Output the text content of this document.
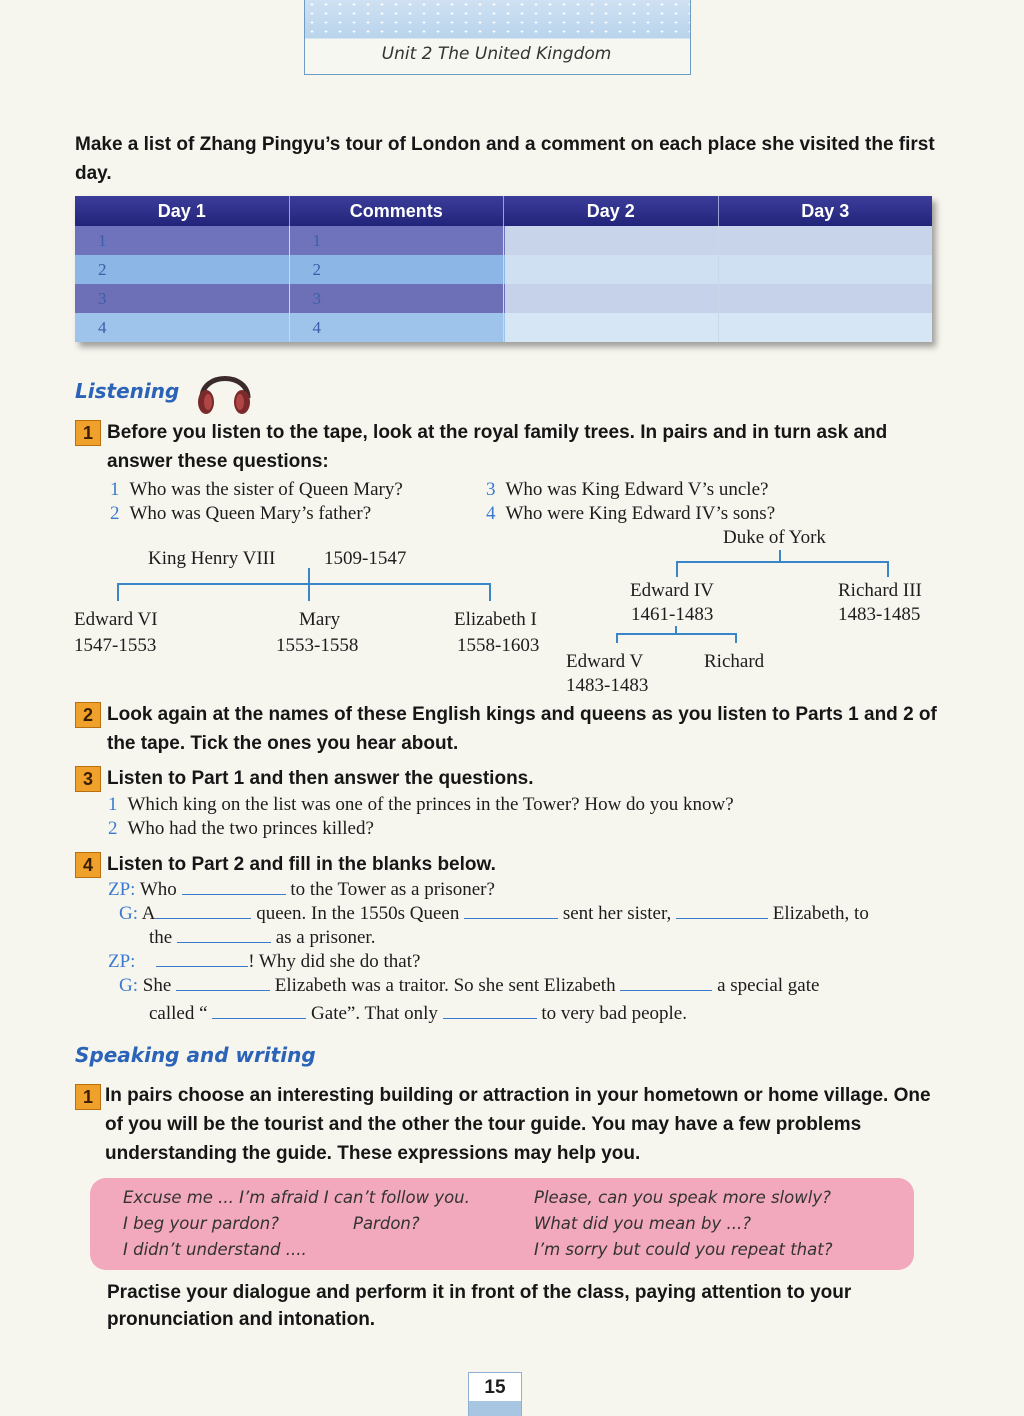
Unit 2 The United Kingdom
Make a list of Zhang Pingyu’s tour of London and a comment on each place she visited the first day.
Day 1	Comments	Day 2	Day 3
1	1
2	2
3	3
4	4
Listening
1 Before you listen to the tape, look at the royal family trees. In pairs and in turn ask and answer these questions:
1 Who was the sister of Queen Mary?
2 Who was Queen Mary’s father?
3 Who was King Edward V’s uncle?
4 Who were King Edward IV’s sons?
King Henry VIII	1509-1547
Edward VI
1547-1553
Mary
1553-1558
Elizabeth I
1558-1603
Duke of York
Edward IV
1461-1483
Richard III
1483-1485
Edward V
1483-1483
Richard
2 Look again at the names of these English kings and queens as you listen to Parts 1 and 2 of the tape. Tick the ones you hear about.
3 Listen to Part 1 and then answer the questions.
1 Which king on the list was one of the princes in the Tower? How do you know?
2 Who had the two princes killed?
4 Listen to Part 2 and fill in the blanks below.
ZP: Who	to the Tower as a prisoner?
G: A	queen. In the 1550s Queen	sent her sister,	Elizabeth, to
the	as a prisoner.
ZP:	! Why did she do that?
G: She	Elizabeth was a traitor. So she sent Elizabeth	a special gate
called “	Gate”. That only	to very bad people.
Speaking and writing
1 In pairs choose an interesting building or attraction in your hometown or home village. One of you will be the tourist and the other the tour guide. You may have a few problems understanding the guide. These expressions may help you.
Excuse me ... I’m afraid I can’t follow you.
I beg your pardon?	Pardon?
I didn’t understand ....
Please, can you speak more slowly?
What did you mean by ...?
I’m sorry but could you repeat that?
Practise your dialogue and perform it in front of the class, paying attention to your pronunciation and intonation.
15
